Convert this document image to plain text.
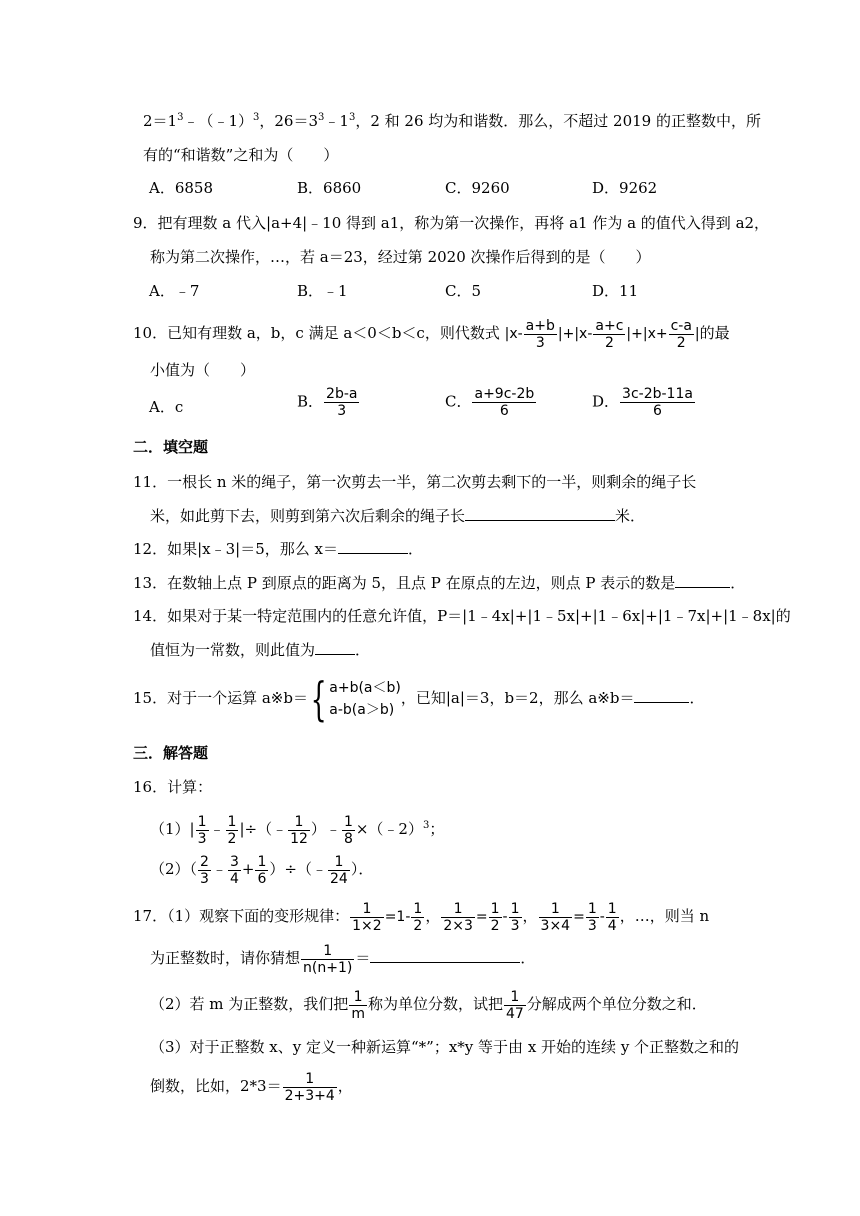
$2=1^3﹣(﹣1)^3$，$26=3^3﹣1^3$，2 和 26 均为和谐数．那么，不超过 2019 的正整数中，所
有的“和谐数”之和为（　　）
A．6858	B．6860	C．9260	D．9262
9．把有理数 a 代入|a+4|﹣10 得到 a1，称为第一次操作，再将 a1 作为 a 的值代入得到 a2，
称为第二次操作，…，若 a＝23，经过第 2020 次操作后得到的是（　　）
A．﹣7	B．﹣1	C．5	D．11
10．已知有理数 a，b，c 满足 a＜0＜b＜c，则代数式 $|x- \frac{a+b}{3} |+|x- \frac{a+c}{2} |+|x+ \frac{c-a}{2}$ |的最
小值为（　　）
A．c	B． $\frac{2b-a}{3}$	C． $\frac{a+9c-2b}{6}$	D． $\frac{3c-2b-11a}{6}$
二．填空题
11．一根长 n 米的绳子，第一次剪去一半，第二次剪去剩下的一半，则剩余的绳子长
米，如此剪下去，则剪到第六次后剩余的绳子长	米．
12．如果|x﹣3|＝5，那么 x＝	．
13．在数轴上点 P 到原点的距离为 5，且点 P 在原点的左边，则点 P 表示的数是	．
14．如果对于某一特定范围内的任意允许值，P＝|1﹣4x|+|1﹣5x|+|1﹣6x|+|1﹣7x|+|1﹣8x|的
值恒为一常数，则此值为	．
15．对于一个运算 a※b＝{ a+b(a＜b)
a-b(a＞b)
，已知|a|＝3，b＝2，那么 a※b＝	．
三．解答题
16．计算：
$(1)| \frac{1}{3}$ ﹣ $\frac{1}{2}$ |÷（﹣ $\frac{1}{12}$ ）﹣ $\frac{1}{8}$ ×（﹣2）$^3$；
$(2)( \frac{2}{3}$ ﹣ $\frac{3}{4} + \frac{1}{6}$ ）÷（﹣ $\frac{1}{24}$ ）．
17．（1）观察下面的变形规律： $\frac{1}{1\times 2} =1- \frac{1}{2}$ ， $\frac{1}{2\times 3} = \frac{1}{2} - \frac{1}{3}$ ， $\frac{1}{3\times 4} = \frac{1}{3} - \frac{1}{4}$ ，…，则当 n
为正整数时，请你猜想 $\frac{1}{n(n+1)}$ ＝	．
（2）若 m 为正整数，我们把 $\frac{1}{m}$ 称为单位分数，试把 $\frac{1}{47}$ 分解成两个单位分数之和．
（3）对于正整数 x、y 定义一种新运算“*”；x*y 等于由 x 开始的连续 y 个正整数之和的
倒数，比如，$2*3= \frac{1}{2+3+4}$ ，
